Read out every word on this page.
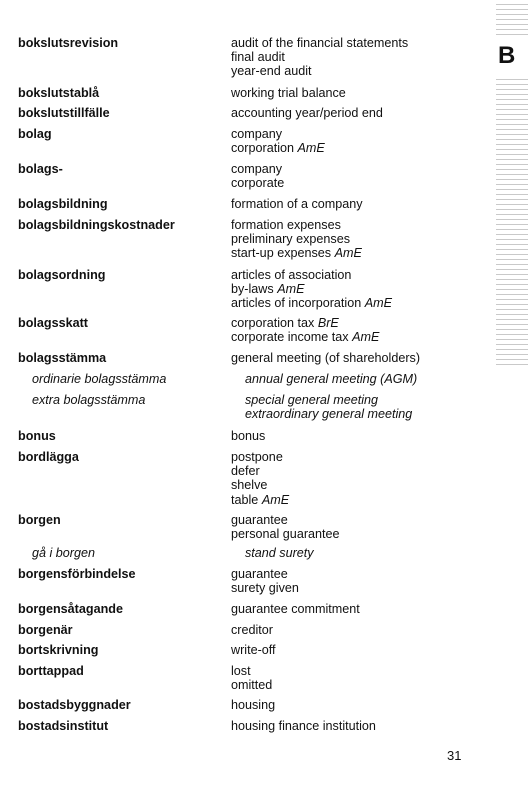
bokslutsrevision	audit of the financial statements
final audit
year-end audit
bokslutstablå	working trial balance
bokslutstillfälle	accounting year/period end
bolag	company
corporation AmE
bolags-	company
corporate
bolagsbildning	formation of a company
bolagsbildningskostnader	formation expenses
preliminary expenses
start-up expenses AmE
bolagsordning	articles of association
by-laws AmE
articles of incorporation AmE
bolagsskatt	corporation tax BrE
corporate income tax AmE
bolagsstämma	general meeting (of shareholders)
ordinarie bolagsstämma	annual general meeting (AGM)
extra bolagsstämma	special general meeting
extraordinary general meeting
bonus	bonus
bordlägga	postpone
defer
shelve
table AmE
borgen	guarantee
personal guarantee
gå i borgen	stand surety
borgensförbindelse	guarantee
surety given
borgensåtagande	guarantee commitment
borgenär	creditor
bortskrivning	write-off
borttappad	lost
omitted
bostadsbyggnader	housing
bostadsinstitut	housing finance institution
B
31
